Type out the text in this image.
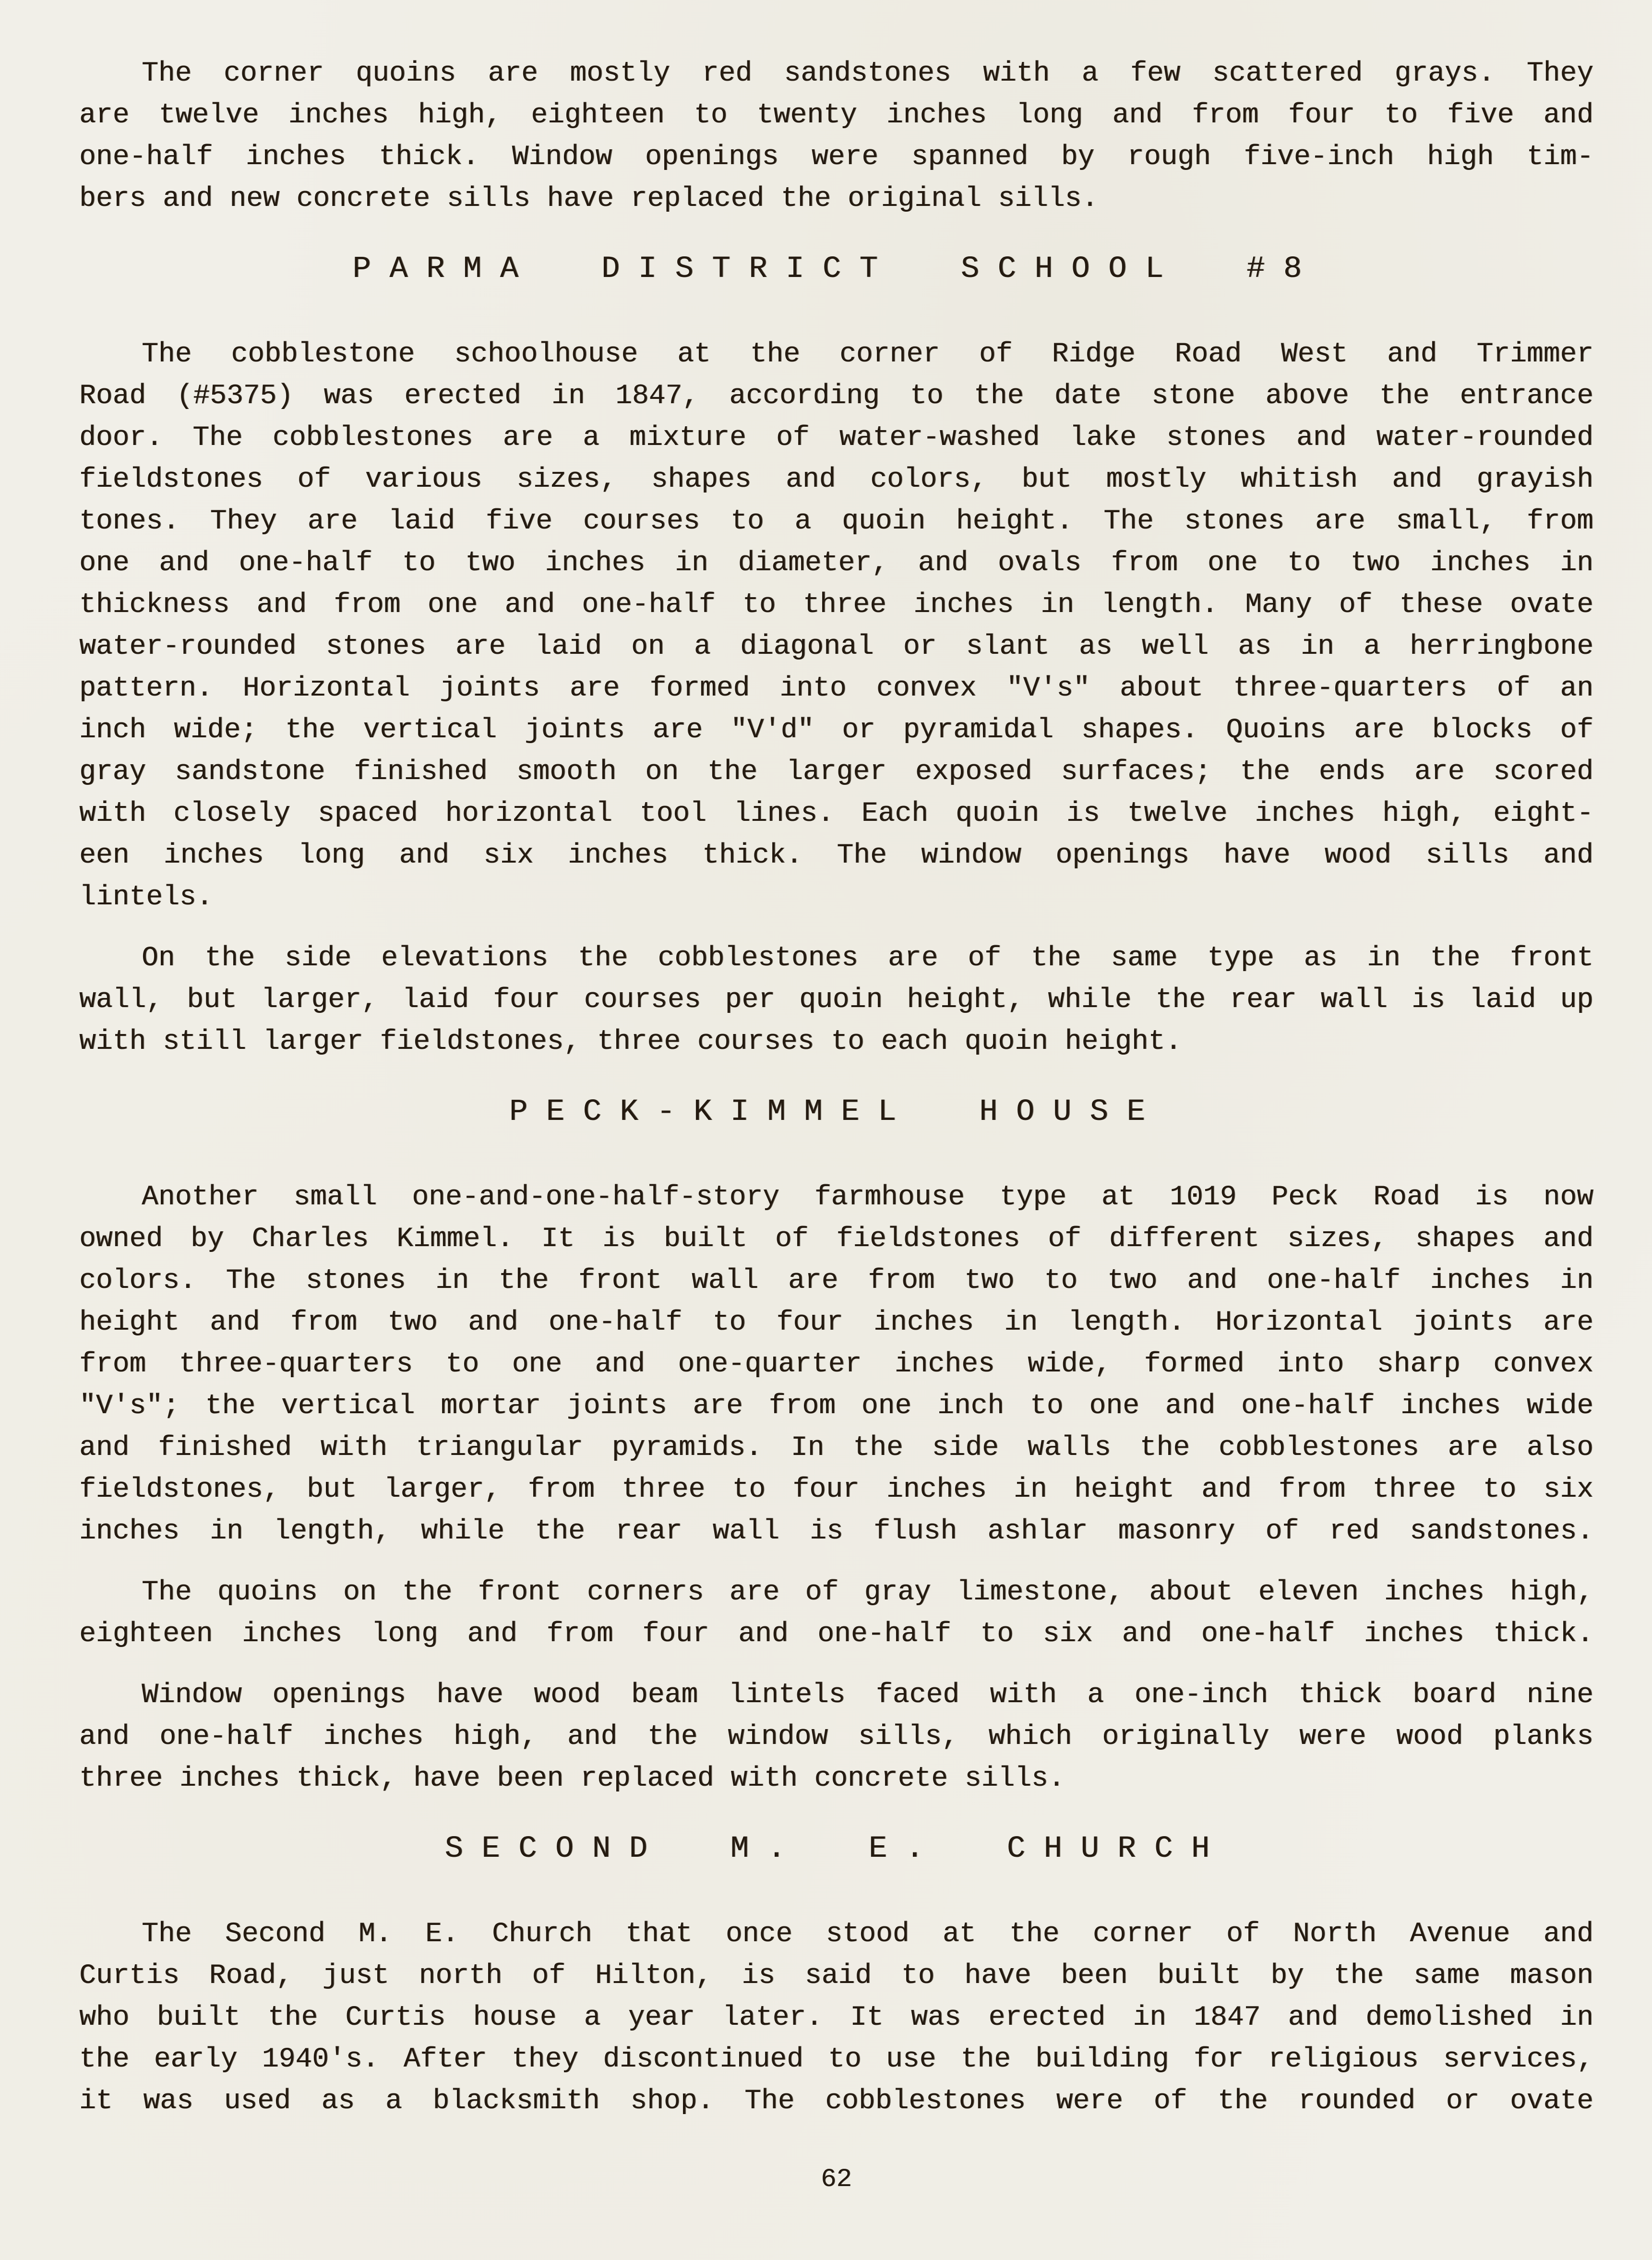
The corner quoins are mostly red sandstones with a few scattered grays. They
are twelve inches high, eighteen to twenty inches long and from four to five and
one-half inches thick. Window openings were spanned by rough five-inch high tim-
bers and new concrete sills have replaced the original sills.
PARMA DISTRICT SCHOOL #8
The cobblestone schoolhouse at the corner of Ridge Road West and Trimmer
Road (#5375) was erected in 1847, according to the date stone above the entrance
door. The cobblestones are a mixture of water-washed lake stones and water-rounded
fieldstones of various sizes, shapes and colors, but mostly whitish and grayish
tones. They are laid five courses to a quoin height. The stones are small, from
one and one-half to two inches in diameter, and ovals from one to two inches in
thickness and from one and one-half to three inches in length. Many of these ovate
water-rounded stones are laid on a diagonal or slant as well as in a herringbone
pattern. Horizontal joints are formed into convex "V's" about three-quarters of an
inch wide; the vertical joints are "V'd" or pyramidal shapes. Quoins are blocks of
gray sandstone finished smooth on the larger exposed surfaces; the ends are scored
with closely spaced horizontal tool lines. Each quoin is twelve inches high, eight-
een inches long and six inches thick. The window openings have wood sills and
lintels.
On the side elevations the cobblestones are of the same type as in the front
wall, but larger, laid four courses per quoin height, while the rear wall is laid up
with still larger fieldstones, three courses to each quoin height.
PECK-KIMMEL HOUSE
Another small one-and-one-half-story farmhouse type at 1019 Peck Road is now
owned by Charles Kimmel. It is built of fieldstones of different sizes, shapes and
colors. The stones in the front wall are from two to two and one-half inches in
height and from two and one-half to four inches in length. Horizontal joints are
from three-quarters to one and one-quarter inches wide, formed into sharp convex
"V's"; the vertical mortar joints are from one inch to one and one-half inches wide
and finished with triangular pyramids. In the side walls the cobblestones are also
fieldstones, but larger, from three to four inches in height and from three to six
inches in length, while the rear wall is flush ashlar masonry of red sandstones.
The quoins on the front corners are of gray limestone, about eleven inches high,
eighteen inches long and from four and one-half to six and one-half inches thick.
Window openings have wood beam lintels faced with a one-inch thick board nine
and one-half inches high, and the window sills, which originally were wood planks
three inches thick, have been replaced with concrete sills.
SECOND M. E. CHURCH
The Second M. E. Church that once stood at the corner of North Avenue and
Curtis Road, just north of Hilton, is said to have been built by the same mason
who built the Curtis house a year later. It was erected in 1847 and demolished in
the early 1940's. After they discontinued to use the building for religious services,
it was used as a blacksmith shop. The cobblestones were of the rounded or ovate
62
